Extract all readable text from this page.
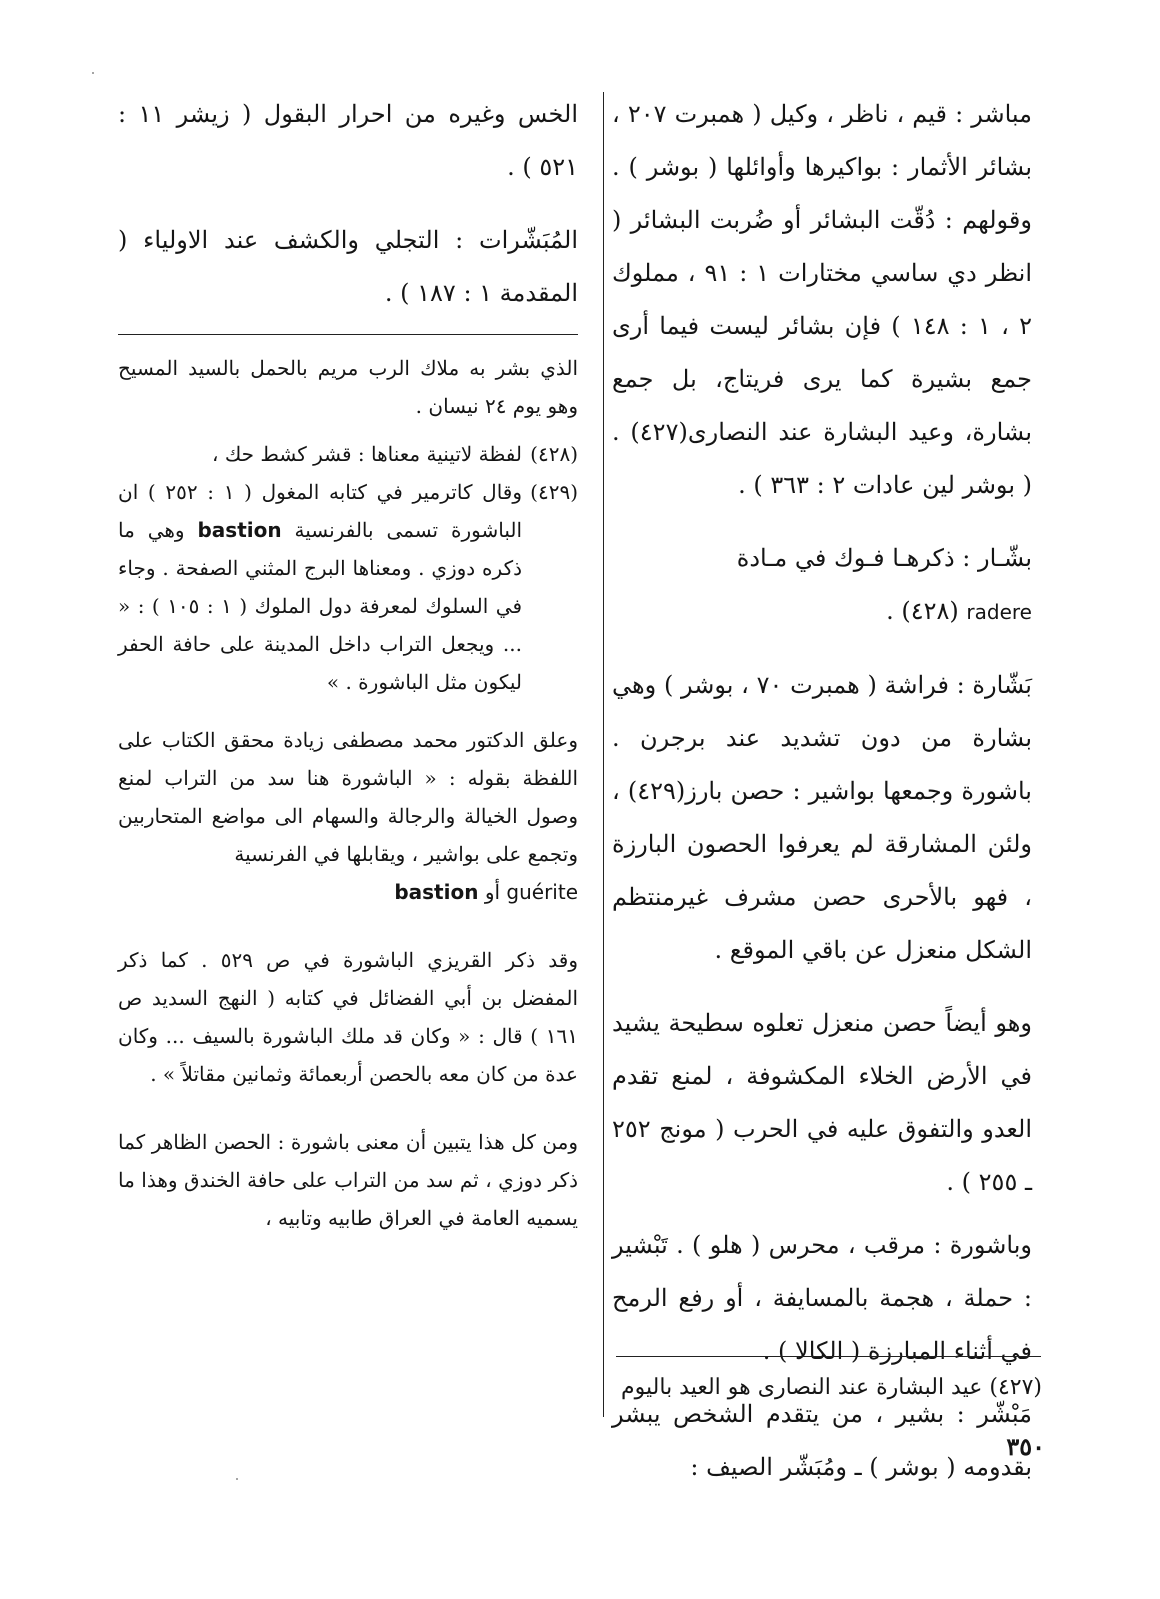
مباشر : قيم ، ناظر ، وكيل ( همبرت ٢٠٧ ، بشائر الأثمار : بواكيرها وأوائلها ( بوشر ) . وقولهم : دُقّت البشائر أو ضُربت البشائر ( انظر دي ساسي مختارات ١ : ٩١ ، مملوك ٢ ، ١ : ١٤٨ ) فإن بشائر ليست فيما أرى جمع بشيرة كما يرى فريتاج، بل جمع بشارة، وعيد البشارة عند النصارى(٤٢٧) . ( بوشر لين عادات ٢ : ٣٦٣ ) .

بشّـار : ذكرهـا فـوك في مـادة
radere (٤٢٨) .

بَشّارة : فراشة ( همبرت ٧٠ ، بوشر ) وهي بشارة من دون تشديد عند برجرن . باشورة وجمعها بواشير : حصن بارز(٤٢٩) ، ولئن المشارقة لم يعرفوا الحصون البارزة ، فهو بالأحرى حصن مشرف غيرمنتظم الشكل منعزل عن باقي الموقع .

وهو أيضاً حصن منعزل تعلوه سطيحة يشيد في الأرض الخلاء المكشوفة ، لمنع تقدم العدو والتفوق عليه في الحرب ( مونج ٢٥٢ ـ ٢٥٥ ) .

وباشورة : مرقب ، محرس ( هلو ) . تَبْشير : حملة ، هجمة بالمسايفة ، أو رفع الرمح في أثناء المبارزة ( الكالا ) .

مَبْشّر : بشير ، من يتقدم الشخص يبشر بقدومه ( بوشر ) ـ ومُبَشّر الصيف :

الخس وغيره من احرار البقول ( زيشر ١١ : ٥٢١ ) .

المُبَشّرات : التجلي والكشف عند الاولياء ( المقدمة ١ : ١٨٧ ) .

الذي بشر به ملاك الرب مريم بالحمل بالسيد المسيح وهو يوم ٢٤ نيسان .

(٤٢٨)
لفظة لاتينية معناها : قشر كشط حك ،

(٤٢٩)
وقال كاترمير في كتابه المغول ( ١ : ٢٥٢ ) ان الباشورة تسمى بالفرنسية bastion وهي ما ذكره دوزي . ومعناها البرج المثني الصفحة . وجاء في السلوك لمعرفة دول الملوك ( ١ : ١٠٥ ) : « ... ويجعل التراب داخل المدينة على حافة الحفر ليكون مثل الباشورة . »

وعلق الدكتور محمد مصطفى زيادة محقق الكتاب على اللفظة بقوله : « الباشورة هنا سد من التراب لمنع وصول الخيالة والرجالة والسهام الى مواضع المتحاربين وتجمع على بواشير ، ويقابلها في الفرنسية
guérite أو bastion

وقد ذكر القريزي الباشورة في ص ٥٢٩ . كما ذكر المفضل بن أبي الفضائل في كتابه ( النهج السديد ص ١٦١ ) قال : « وكان قد ملك الباشورة بالسيف ... وكان عدة من كان معه بالحصن أربعمائة وثمانين مقاتلاً » .

ومن كل هذا يتبين أن معنى باشورة : الحصن الظاهر كما ذكر دوزي ، ثم سد من التراب على حافة الخندق وهذا ما يسميه العامة في العراق طابيه وتابيه ،

(٤٢٧) عيد البشارة عند النصارى هو العيد باليوم
٣٥٠
